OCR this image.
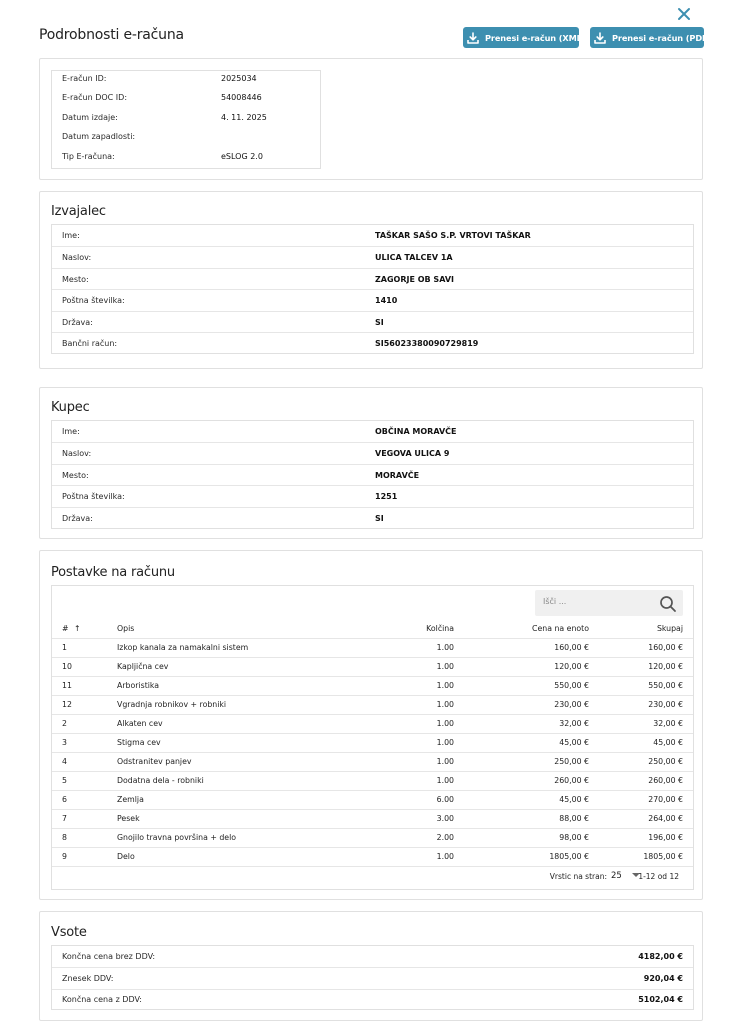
Podrobnosti e-računa	Prenesi e-račun (XML)	Prenesi e-račun (PDF)
E-račun ID:	2025034
E-račun DOC ID:	54008446
Datum izdaje:	4. 11. 2025
Datum zapadlosti:
Tip E-računa:	eSLOG 2.0
Izvajalec
Ime:	TAŠKAR SAŠO S.P. VRTOVI TAŠKAR
Naslov:	ULICA TALCEV 1A
Mesto:	ZAGORJE OB SAVI
Poštna številka:	1410
Država:	SI
Bančni račun:	SI56023380090729819
Kupec
Ime:	OBČINA MORAVČE
Naslov:	VEGOVA ULICA 9
Mesto:	MORAVČE
Poštna številka:	1251
Država:	SI
Postavke na računu
Išči ...
# ↑	Opis	Kolčina	Cena na enoto	Skupaj
1	Izkop kanala za namakalni sistem	1.00	160,00 €	160,00 €
10	Kapljična cev	1.00	120,00 €	120,00 €
11	Arboristika	1.00	550,00 €	550,00 €
12	Vgradnja robnikov + robniki	1.00	230,00 €	230,00 €
2	Alkaten cev	1.00	32,00 €	32,00 €
3	Stigma cev	1.00	45,00 €	45,00 €
4	Odstranitev panjev	1.00	250,00 €	250,00 €
5	Dodatna dela - robniki	1.00	260,00 €	260,00 €
6	Zemlja	6.00	45,00 €	270,00 €
7	Pesek	3.00	88,00 €	264,00 €
8	Gnojilo travna površina + delo	2.00	98,00 €	196,00 €
9	Delo	1.00	1805,00 €	1805,00 €
Vrstic na stran: 25	1-12 od 12
Vsote
Končna cena brez DDV:	4182,00 €
Znesek DDV:	920,04 €
Končna cena z DDV:	5102,04 €
